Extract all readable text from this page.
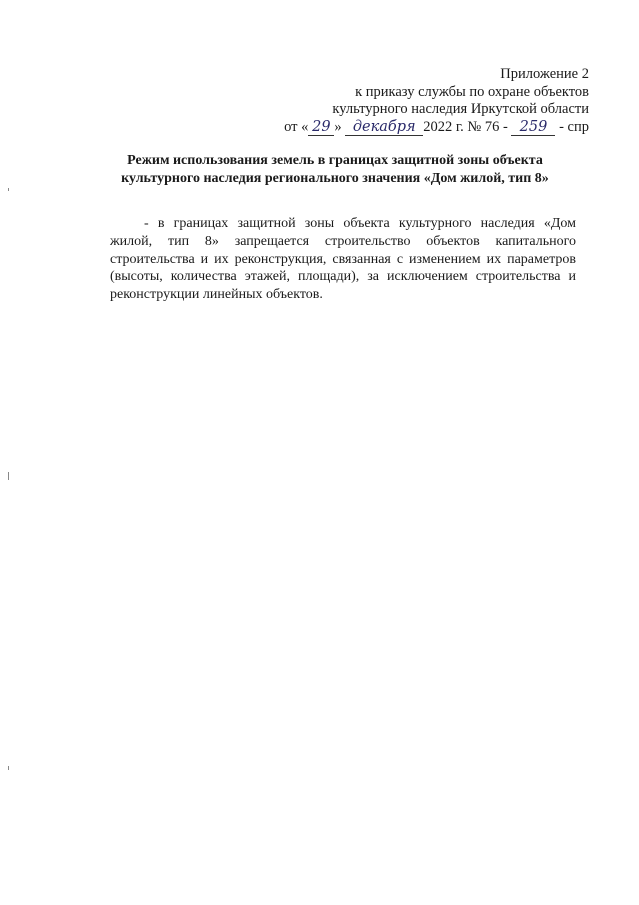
Приложение 2
к приказу службы по охране объектов
культурного наследия Иркутской области
от « 29 » декабря 2022 г. № 76 - 259 - спр
Режим использования земель в границах защитной зоны объекта
культурного наследия регионального значения «Дом жилой, тип 8»
- в границах защитной зоны объекта культурного наследия «Дом жилой, тип 8» запрещается строительство объектов капитального строительства и их реконструкция, связанная с изменением их параметров (высоты, количества этажей, площади), за исключением строительства и реконструкции линейных объектов.
